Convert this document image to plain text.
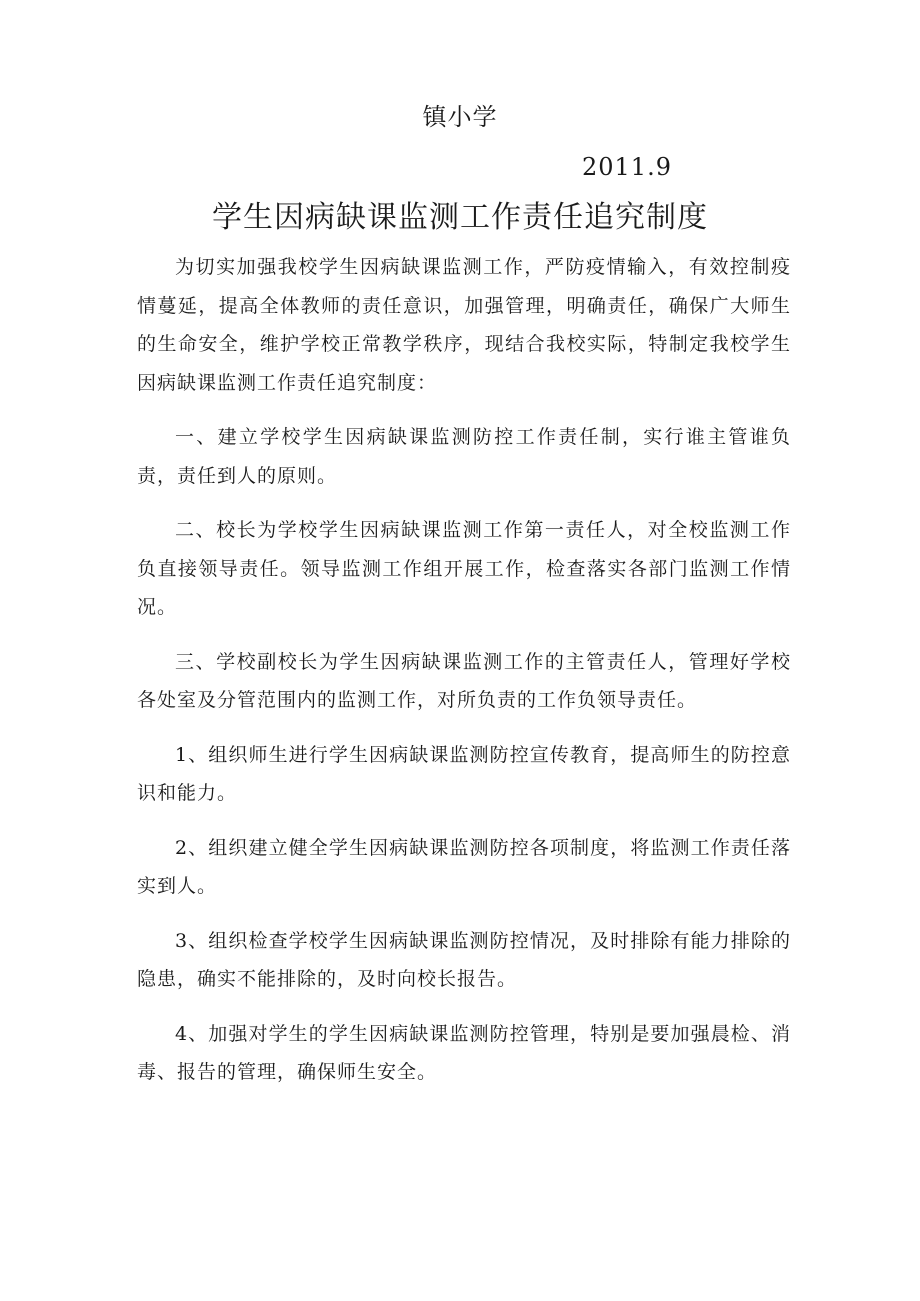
镇小学
2011.9
学生因病缺课监测工作责任追究制度

为切实加强我校学生因病缺课监测工作，严防疫情输入，有效控制疫情蔓延，提高全体教师的责任意识，加强管理，明确责任，确保广大师生的生命安全，维护学校正常教学秩序，现结合我校实际，特制定我校学生因病缺课监测工作责任追究制度：

一、建立学校学生因病缺课监测防控工作责任制，实行谁主管谁负责，责任到人的原则。

二、校长为学校学生因病缺课监测工作第一责任人，对全校监测工作负直接领导责任。领导监测工作组开展工作，检查落实各部门监测工作情况。

三、学校副校长为学生因病缺课监测工作的主管责任人，管理好学校各处室及分管范围内的监测工作，对所负责的工作负领导责任。

1、组织师生进行学生因病缺课监测防控宣传教育，提高师生的防控意识和能力。

2、组织建立健全学生因病缺课监测防控各项制度，将监测工作责任落实到人。

3、组织检查学校学生因病缺课监测防控情况，及时排除有能力排除的隐患，确实不能排除的，及时向校长报告。

4、加强对学生的学生因病缺课监测防控管理，特别是要加强晨检、消毒、报告的管理，确保师生安全。
